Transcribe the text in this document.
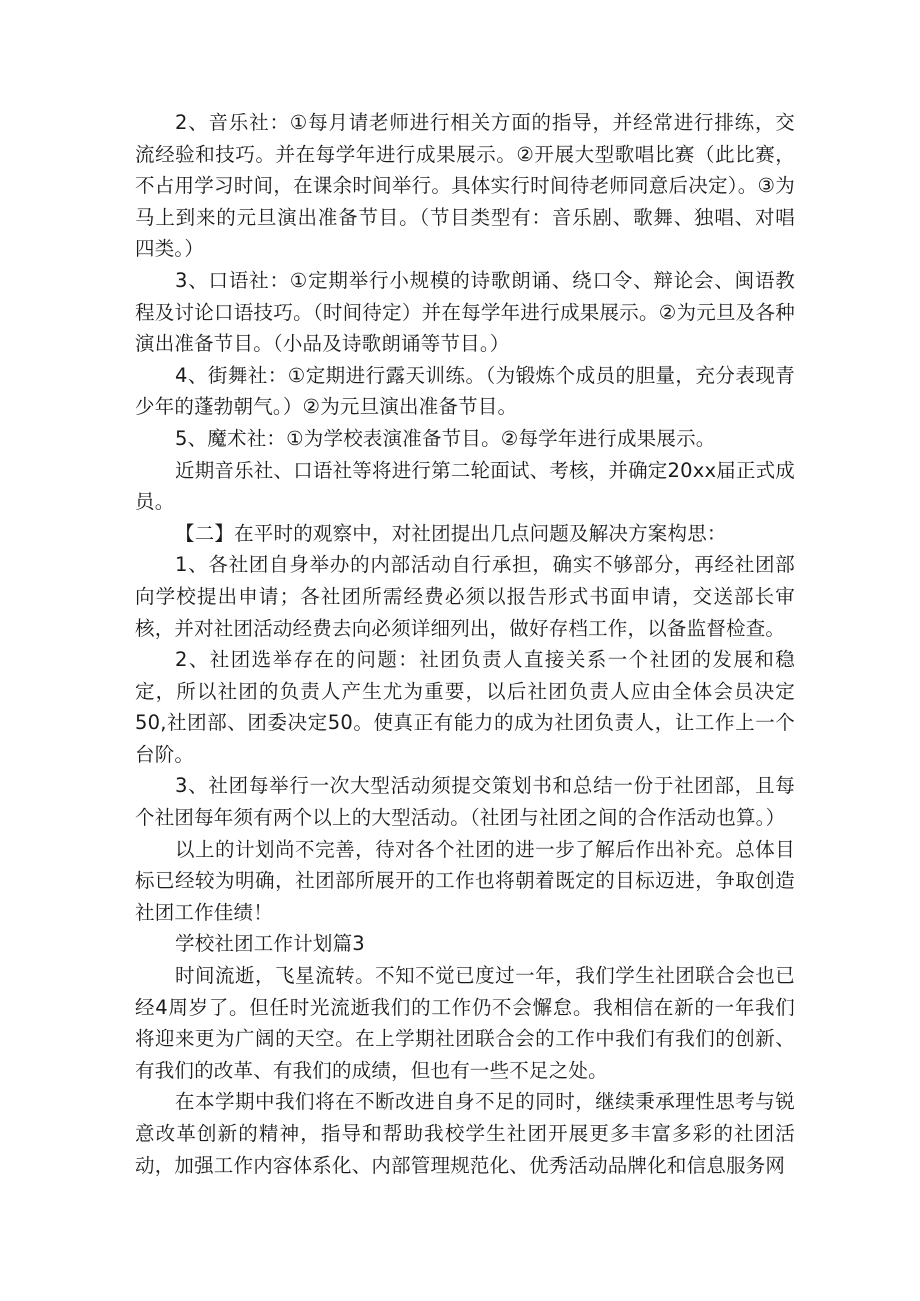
2、音乐社：①每月请老师进行相关方面的指导，并经常进行排练，交流经验和技巧。并在每学年进行成果展示。②开展大型歌唱比赛（此比赛，不占用学习时间，在课余时间举行。具体实行时间待老师同意后决定）。③为马上到来的元旦演出准备节目。（节目类型有：音乐剧、歌舞、独唱、对唱四类。）

3、口语社：①定期举行小规模的诗歌朗诵、绕口令、辩论会、闽语教程及讨论口语技巧。（时间待定）并在每学年进行成果展示。②为元旦及各种演出准备节目。（小品及诗歌朗诵等节目。）

4、街舞社：①定期进行露天训练。（为锻炼个成员的胆量，充分表现青少年的蓬勃朝气。）②为元旦演出准备节目。

5、魔术社：①为学校表演准备节目。②每学年进行成果展示。

近期音乐社、口语社等将进行第二轮面试、考核，并确定20xx届正式成员。

【二】在平时的观察中，对社团提出几点问题及解决方案构思：

1、各社团自身举办的内部活动自行承担，确实不够部分，再经社团部向学校提出申请；各社团所需经费必须以报告形式书面申请，交送部长审核，并对社团活动经费去向必须详细列出，做好存档工作，以备监督检查。

2、社团选举存在的问题：社团负责人直接关系一个社团的发展和稳定，所以社团的负责人产生尤为重要，以后社团负责人应由全体会员决定50,社团部、团委决定50。使真正有能力的成为社团负责人，让工作上一个台阶。

3、社团每举行一次大型活动须提交策划书和总结一份于社团部，且每个社团每年须有两个以上的大型活动。（社团与社团之间的合作活动也算。）

以上的计划尚不完善，待对各个社团的进一步了解后作出补充。总体目标已经较为明确，社团部所展开的工作也将朝着既定的目标迈进，争取创造社团工作佳绩！

学校社团工作计划篇3

时间流逝，飞星流转。不知不觉已度过一年，我们学生社团联合会也已经4周岁了。但任时光流逝我们的工作仍不会懈怠。我相信在新的一年我们将迎来更为广阔的天空。在上学期社团联合会的工作中我们有我们的创新、有我们的改革、有我们的成绩，但也有一些不足之处。

在本学期中我们将在不断改进自身不足的同时，继续秉承理性思考与锐意改革创新的精神，指导和帮助我校学生社团开展更多丰富多彩的社团活动，加强工作内容体系化、内部管理规范化、优秀活动品牌化和信息服务网
